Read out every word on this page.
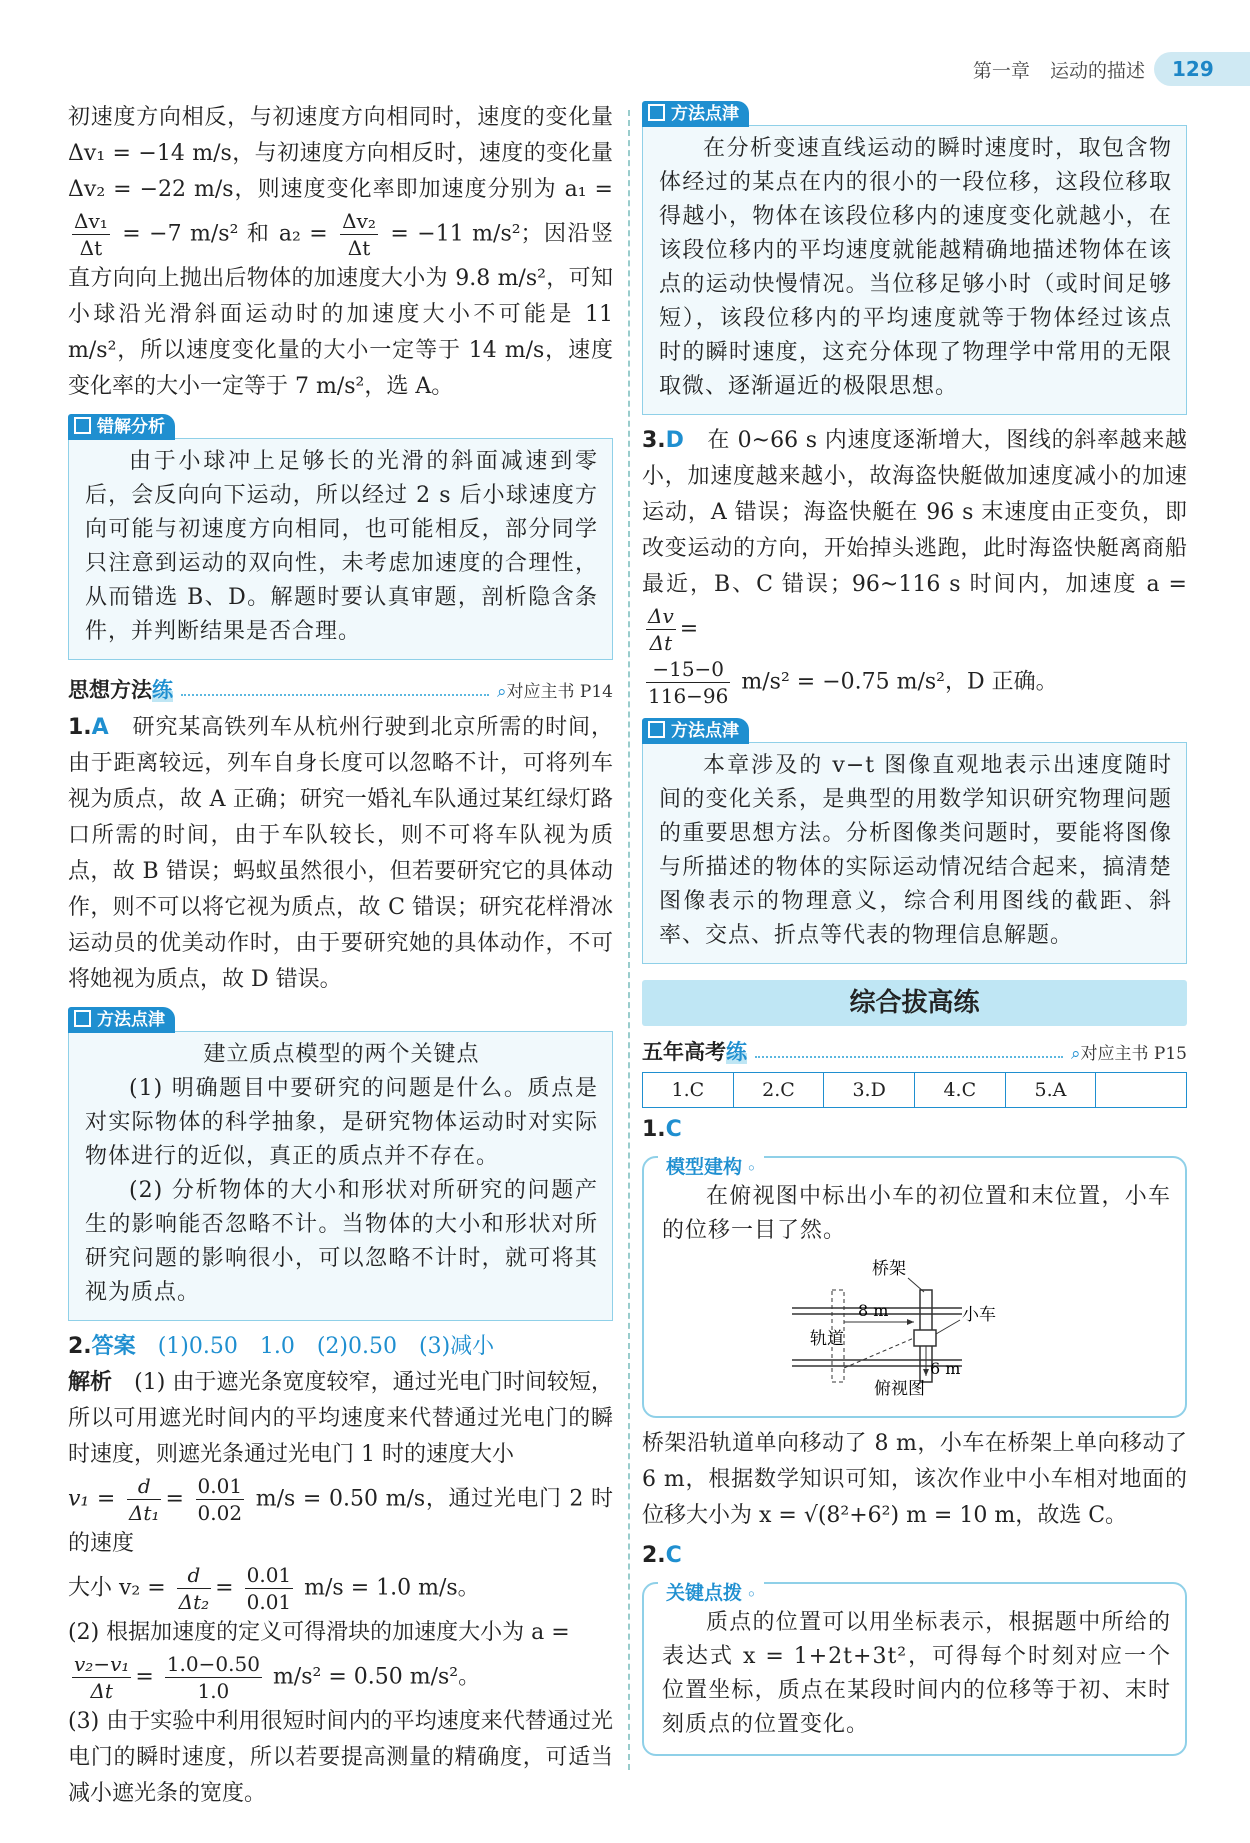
第一章 运动的描述	129

初速度方向相反，与初速度方向相同时，速度的变化量 Δv₁ = −14 m/s，与初速度方向相反时，速度的变化量 Δv₂ = −22 m/s，则速度变化率即加速度分别为 a₁ =
$\frac{\text{Δv₁}}{\Delta t} = -7$ m/s² 和 $a_2 = \frac{\text{Δv₂}}{\Delta t} = -11$ m/s²；因沿竖直方向向上抛出后物体的加速度大小为 9.8 m/s²，可知小球沿光滑斜面运动时的加速度大小不可能是 11 m/s²，所以速度变化量的大小一定等于 14 m/s，速度变化率的大小一定等于 7 m/s²，选 A。

错解分析

由于小球冲上足够长的光滑的斜面减速到零后，会反向向下运动，所以经过 2 s 后小球速度方向可能与初速度方向相同，也可能相反，部分同学只注意到运动的双向性，未考虑加速度的合理性，从而错选 B、D。解题时要认真审题，剖析隐含条件，并判断结果是否合理。

思想方法练	⌕对应主书 P14

1.A　 研究某高铁列车从杭州行驶到北京所需的时间，由于距离较远，列车自身长度可以忽略不计，可将列车视为质点，故 A 正确；研究一婚礼车队通过某红绿灯路口所需的时间，由于车队较长，则不可将车队视为质点，故 B 错误；蚂蚁虽然很小，但若要研究它的具体动作，则不可以将它视为质点，故 C 错误；研究花样滑冰运动员的优美动作时，由于要研究她的具体动作，不可将她视为质点，故 D 错误。

方法点津

建立质点模型的两个关键点

(1) 明确题目中要研究的问题是什么。质点是对实际物体的科学抽象，是研究物体运动时对实际物体进行的近似，真正的质点并不存在。

(2) 分析物体的大小和形状对所研究的问题产生的影响能否忽略不计。当物体的大小和形状对所研究问题的影响很小，可以忽略不计时，就可将其视为质点。

2.答案　 (1)0.50　1.0　(2)0.50　(3)减小

解析　 (1) 由于遮光条宽度较窄，通过光电门时间较短，所以可用遮光时间内的平均速度来代替通过光电门的瞬时速度，则遮光条通过光电门 1 时的速度大小

$v_1 = \frac{d}{\text{Δt₁}} = \frac{0.01}{0.02} m/s = 0.50$ m/s，通过光电门 2 时的速度

大小 $v_2 = \frac{d}{\text{Δt₂}} = \frac{0.01}{0.01} m/s = 1.0$ m/s。

(2) 根据加速度的定义可得滑块的加速度大小为 a =

$\frac{\text{v₂−v₁}}{\Delta t} = \frac{1.0-0.50}{1.0} m/s^2 = 0.50$ m/s²。

(3) 由于实验中利用很短时间内的平均速度来代替通过光电门的瞬时速度，所以若要提高测量的精确度，可适当减小遮光条的宽度。

方法点津

在分析变速直线运动的瞬时速度时，取包含物体经过的某点在内的很小的一段位移，这段位移取得越小，物体在该段位移内的速度变化就越小，在该段位移内的平均速度就能越精确地描述物体在该点的运动快慢情况。当位移足够小时（或时间足够短），该段位移内的平均速度就等于物体经过该点时的瞬时速度，这充分体现了物理学中常用的无限取微、逐渐逼近的极限思想。

3.D　 在 0~66 s 内速度逐渐增大，图线的斜率越来越小，加速度越来越小，故海盗快艇做加速度减小的加速运动，A 错误；海盗快艇在 96 s 末速度由正变负，即改变运动的方向，开始掉头逃跑，此时海盗快艇离商船最近，B、C 错误；96~116 s 时间内，加速度 a =
$\frac{\Delta v}{\Delta t}$ =

$\frac{-15-0}{116-96} m/s^2 = -0.75$ m/s²，D 正确。

方法点津

本章涉及的 v−t 图像直观地表示出速度随时间的变化关系，是典型的用数学知识研究物理问题的重要思想方法。分析图像类问题时，要能将图像与所描述的物体的实际运动情况结合起来，搞清楚图像表示的物理意义，综合利用图线的截距、斜率、交点、折点等代表的物理信息解题。

综合拔高练
五年高考练	⌕对应主书 P15
1.C	2.C	3.D	4.C	5.A	

1.C

模型建构 ◦

在俯视图中标出小车的初位置和末位置，小车的位移一目了然。

桥架
小车
轨道
8 m
6 m
俯视图

桥架沿轨道单向移动了 8 m，小车在桥架上单向移动了 6 m，根据数学知识可知，该次作业中小车相对地面的位移大小为 x = √(8²+6²) m = 10 m，故选 C。

2.C

关键点拨 ◦

质点的位置可以用坐标表示，根据题中所给的表达式 x = 1+2t+3t²，可得每个时刻对应一个位置坐标，质点在某段时间内的位移等于初、末时刻质点的位置变化。
